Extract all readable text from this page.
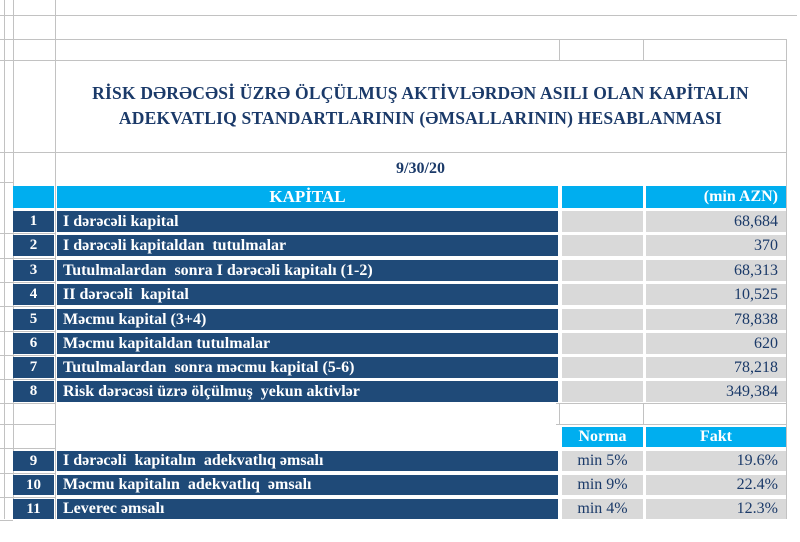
RİSK DƏRƏCƏSİ ÜZRƏ ÖLÇÜLMUŞ AKTİVLƏRDƏN ASILI OLAN KAPİTALIN
ADEKVATLIQ STANDARTLARININ (ƏMSALLARININ) HESABLANMASI
9/30/20
KAPİTAL	(min AZN)
1	I dərəcəli kapital	68,684
2	I dərəcəli kapitaldan  tutulmalar	370
3	Tutulmalardan  sonra I dərəcəli kapitalı (1-2)	68,313
4	II dərəcəli  kapital	10,525
5	Məcmu kapital (3+4)	78,838
6	Məcmu kapitaldan tutulmalar	620
7	Tutulmalardan  sonra məcmu kapital (5-6)	78,218
8	Risk dərəcəsi üzrə ölçülmuş  yekun aktivlər	349,384
Norma	Fakt
9	I dərəcəli  kapitalın  adekvatlıq əmsalı	min 5%	19.6%
10	Məcmu kapitalın  adekvatlıq  əmsalı	min 9%	22.4%
11	Leverec əmsalı	min 4%	12.3%
